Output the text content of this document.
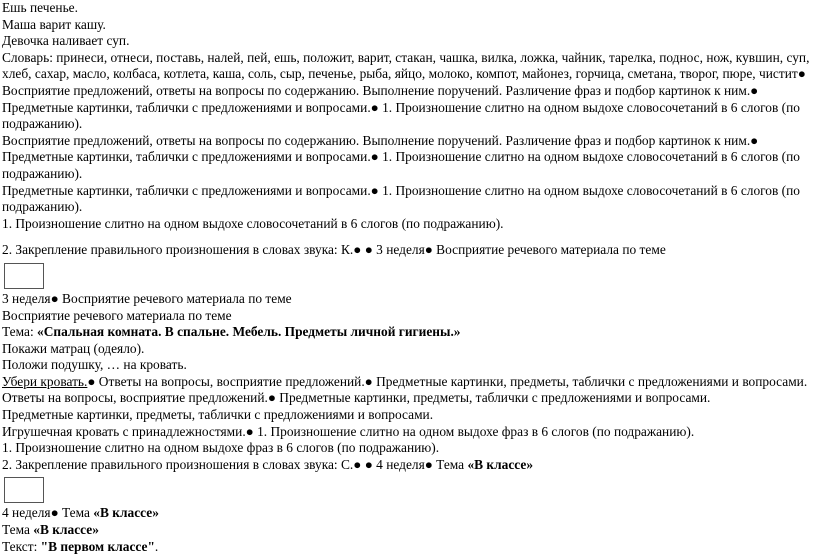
Ешь печенье.

Маша варит кашу.

Девочка наливает суп.

Словарь: принеси, отнеси, поставь, налей, пей, ешь, положит, варит, стакан, чашка, вилка, ложка, чайник, тарелка, поднос, нож, кувшин, суп, хлеб, сахар, масло, колбаса, котлета, каша, соль, сыр, печенье, рыба, яйцо, молоко, компот, майонез, горчица, сметана, творог, пюре, чистит● Восприятие предложений, ответы на вопросы по содержанию. Выполнение поручений. Различение фраз и подбор картинок к ним.● Предметные картинки, таблички с предложениями и вопросами.● 1. Произношение слитно на одном выдохе словосочетаний в 6 слогов (по подражанию).

Восприятие предложений, ответы на вопросы по содержанию. Выполнение поручений. Различение фраз и подбор картинок к ним.● Предметные картинки, таблички с предложениями и вопросами.● 1. Произношение слитно на одном выдохе словосочетаний в 6 слогов (по подражанию).

Предметные картинки, таблички с предложениями и вопросами.● 1. Произношение слитно на одном выдохе словосочетаний в 6 слогов (по подражанию).

1. Произношение слитно на одном выдохе словосочетаний в 6 слогов (по подражанию).

2. Закрепление правильного произношения в словах звука: К.● ● 3 неделя● Восприятие речевого материала по теме

3 неделя● Восприятие речевого материала по теме

Восприятие речевого материала по теме

Тема: «Спальная комната. В спальне. Мебель. Предметы личной гигиены.»

Покажи матрац (одеяло).

Положи подушку, … на кровать.

Убери кровать.● Ответы на вопросы, восприятие предложений.● Предметные картинки, предметы, таблички с предложениями и вопросами.

Ответы на вопросы, восприятие предложений.● Предметные картинки, предметы, таблички с предложениями и вопросами.

Предметные картинки, предметы, таблички с предложениями и вопросами.

Игрушечная кровать с принадлежностями.● 1. Произношение слитно на одном выдохе фраз в 6 слогов (по подражанию).

1. Произношение слитно на одном выдохе фраз в 6 слогов (по подражанию).

2. Закрепление правильного произношения в словах звука: С.● ● 4 неделя● Тема «В классе»

4 неделя● Тема «В классе»

Тема «В классе»

Текст: "В первом классе".
